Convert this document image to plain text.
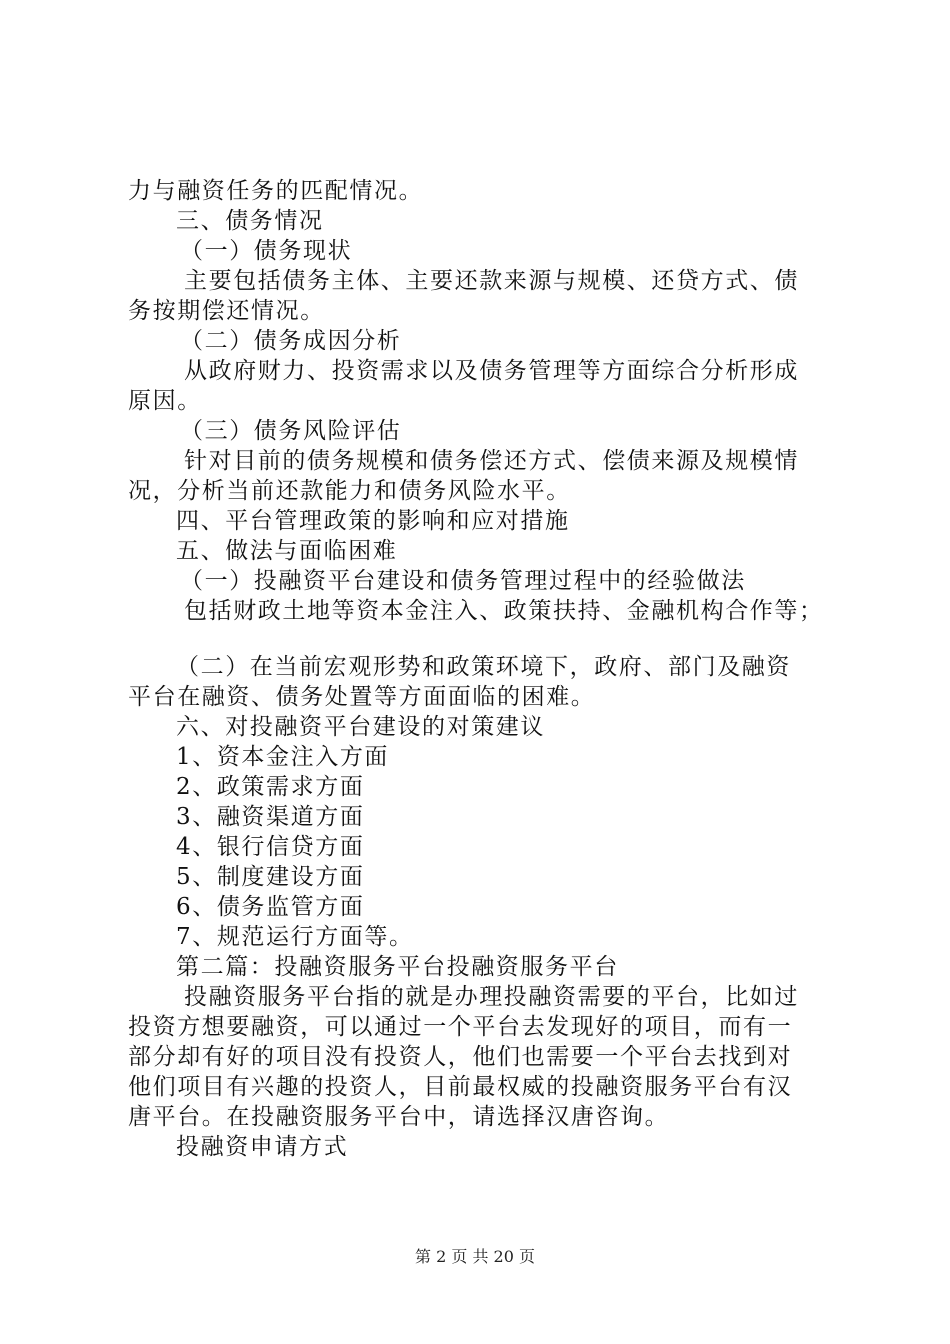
力与融资任务的匹配情况。
三、债务情况
（一）债务现状
主要包括债务主体、主要还款来源与规模、还贷方式、债
务按期偿还情况。
（二）债务成因分析
从政府财力、投资需求以及债务管理等方面综合分析形成
原因。
（三）债务风险评估
针对目前的债务规模和债务偿还方式、偿债来源及规模情
况，分析当前还款能力和债务风险水平。
四、平台管理政策的影响和应对措施
五、做法与面临困难
（一）投融资平台建设和债务管理过程中的经验做法
包括财政土地等资本金注入、政策扶持、金融机构合作等；
（二）在当前宏观形势和政策环境下，政府、部门及融资
平台在融资、债务处置等方面面临的困难。
六、对投融资平台建设的对策建议
1、资本金注入方面
2、政策需求方面
3、融资渠道方面
4、银行信贷方面
5、制度建设方面
6、债务监管方面
7、规范运行方面等。
第二篇：投融资服务平台投融资服务平台
投融资服务平台指的就是办理投融资需要的平台，比如过
投资方想要融资，可以通过一个平台去发现好的项目，而有一
部分却有好的项目没有投资人，他们也需要一个平台去找到对
他们项目有兴趣的投资人，目前最权威的投融资服务平台有汉
唐平台。在投融资服务平台中，请选择汉唐咨询。
投融资申请方式
第 2 页 共 20 页
